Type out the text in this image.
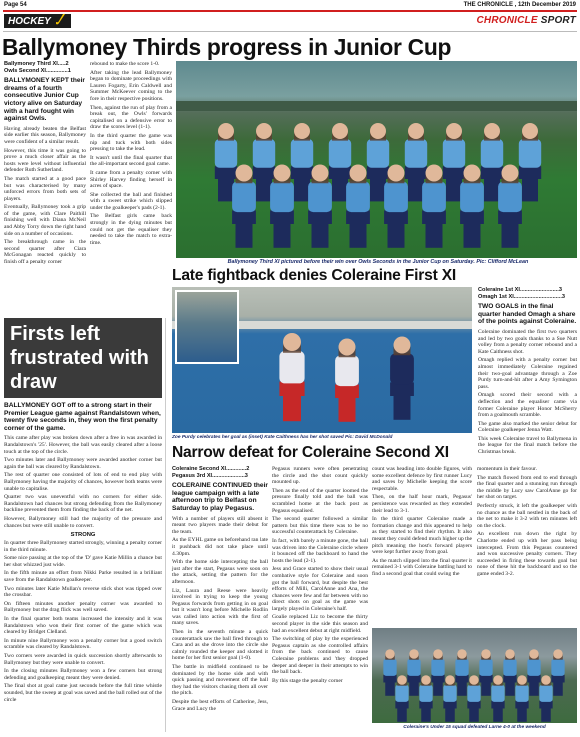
Page 54	THE CHRONICLE , 12th December 2019
HOCKEY	CHRONICLE SPORT
Ballymoney Thirds progress in Junior Cup
Ballymoney Third XI.....2
Owls Second XI..............1
BALLYMONEY KEPT their dreams of a fourth consecutive Junior Cup victory alive on Saturday with a hard fought win against Owls.

Having already beaten the Belfast side earlier this season, Ballymoney were confident of a similar result.

However, this time it was going to prove a much closer affair as the hosts were level without influential defender Ruth Sutherland.

The match started at a good pace but was characterised by many unforced errors from both sets of players.

Eventually, Ballymoney took a grip of the game, with Clare Paithill finishing well with Diana McNeil and Abby Torry down the right hand side on a number of occasions.

The breakthrough came in the second quarter after Ciara McGonagan reacted quickly to finish off a penalty corner

rebound to make the score 1-0.

After taking the lead Ballymoney began to dominate proceedings with Lauren Fogarty, Erin Caldwell and Summer McKeever coming to the fore in their respective positions.

Then, against the run of play from a break out, the Owls' forwards capitalised on a defensive error to draw the scores level (1-1).

In the third quarter the game was nip and tuck with both sides pressing to take the lead.

It wasn't until the final quarter that the all-important second goal came.

It came from a penalty corner with Shirley Harvey finding herself in acres of space.

She collected the ball and finished with a sweet strike which slipped under the goalkeeper's pads (2-1).

The Belfast girls came back strongly in the dying minutes but could not get the equaliser they needed to take the match to extra-time.

Ballymoney Third XI pictured before their win over Owls Seconds in the Junior Cup on Saturday. Pic: Clifford McLean
Firsts left frustrated with draw
BALLYMONEY GOT off to a strong start in their Premier League game against Randalstown when, twenty five seconds in, they won the first penalty corner of the game.

This came after play was broken down after a free in was awarded in Randalstown's '25'. However, the ball was easily cleared after a loose touch at the top of the circle.

Two minutes later and Ballymoney were awarded another corner but again the ball was cleared by Randalstown.

The rest of quarter one consisted of lots of end to end play with Ballymoney having the majority of chances, however both teams were unable to capitalise.

Quarter two was uneventful with no corners for either side. Randalstown had chances but strong defending from the Ballymoney backline prevented them from finding the back of the net.

However, Ballymoney still had the majority of the pressure and chances but were still unable to convert.

STRONG

In quarter three Ballymoney started strongly, winning a penalty corner in the third minute.

Some nice passing at the top of the 'D' gave Katie Millin a chance but her shot whizzed just wide.

In the fifth minute an effort from Nikki Parke resulted in a brilliant save from the Randalstown goalkeeper.

Two minutes later Katie Mullan's reverse stick shot was tipped over the crossbar.

On fifteen minutes another penalty corner was awarded to Ballymoney but the drag flick was well saved.

In the final quarter both teams increased the intensity and it was Randalstown who won their first corner of the game which was cleared by Bridget Clelland.

In minute nine Ballymoney won a penalty corner but a good switch scramble was cleared by Randalstown.

Two corners were awarded in quick succession shortly afterwards to Ballymoney but they were unable to convert.

In the closing minutes Ballymoney won a few corners but strong defending and goalkeeping meant they were denied.

The final shot at goal came just seconds before the full time whistle sounded, but the sweep at goal was saved and the ball rolled out of the circle

Late fightback denies Coleraine First XI
Zoe Purdy celebrates her goal as (inset) Kate Caithness has her shot saved Pic: David McDonald
Coleraine 1st XI.........................3
Omagh 1st XI...............................3
TWO GOALS in the final quarter handed Omagh a share of the points against Coleraine.

Coleraine dominated the first two quarters and led by two goals thanks to a Sue Nutt volley from a penalty corner rebound and a Kate Caithness shot.

Omagh replied with a penalty corner but almost immediately Coleraine regained their two-goal advantage through a Zoe Purdy turn-and-hit after a Amy Symington pass.

Omagh scored their second with a deflection and the equaliser came via former Coleraine player Honor McSherry from a goalmouth scramble.

The game also marked the senior debut for Coleraine goalkeeper Jenna Watt.

This week Coleraine travel to Ballymena in the league for the final match before the Christmas break.

Narrow defeat for Coleraine Second XI
Coleraine Second XI.............2
Pegasus 3rd XI.....................3
COLERAINE CONTINUED their league campaign with a late afternoon trip to Belfast on Saturday to play Pegasus.

With a number of players still absent it meant two players made their debut for the team.

As the EYHL game on beforehand ran late it pushback did not take place until 4.30pm.

With the home side intercepting the ball just after the start, Pegasus were soon on the attack, setting the pattern for the afternoon.

Liz, Laura and Reese were heavily involved in trying to keep the young Pegasus forwards from getting in on goal but it wasn't long before Michelle Rodlin was called into action with the first of many saves.

Then in the seventh minute a quick counterattack saw the ball fired through to Cara and as she drove into the circle she calmly rounded the keeper and slotted it home for her first senior goal (1-0).

The battle in midfield continued to be dominated by the home side and with quick passing and movement off the ball they had the visitors chasing them all over the pitch.

Despite the best efforts of Catherine, Jess, Grace and Lucy the

Pegasus runners were often penetrating the circle and the shot count quickly mounted up.

Then as the end of the quarter loomed the pressure finally told and the ball was scrambled home at the back post as Pegasus equalised.

The second quarter followed a similar pattern but this time there was to be no successful counterattack by Coleraine.

In fact, with barely a minute gone, the ball was driven into the Coleraine circle where it bounced off the backboard to hand the hosts the lead (2-1).

Jess and Grace started to show their usual combative style for Coleraine and soon got the ball forward, but despite the best efforts of Milli, CarolAnne and Ana, the chances were few and far between with no direct shots on goal as the game was largely played in Coleraine's half.

Goalie replaced Liz to become the thirty second player in the side this season and had an excellent debut at right midfield.

The switching of play by the experienced Pegasus captain as she controlled affairs from the back continued to cause Coleraine problems and 'they dropped deeper and deeper in their attempts to win the ball back.

By this stage the penalty corner

count was heading into double figures, with some excellent defence by first runner Lucy and saves by Michelle keeping the score respectable.

Then, on the half hour mark, Pegasus' persistence was rewarded as they extended their lead to 3-1.

In the third quarter Coleraine made a formation change and this appeared to help as they started to find their rhythm. It also meant they could defend much higher up the pitch meaning the host's forward players were kept further away from goal.

As the match slipped into the final quarter it remained 3-1 with Coleraine battling hard to find a second goal that could swing the

momentum in their favour.

The match flowed from end to end through the final quarter and a stunning run through the middle by Lucy saw CarolAnne go for her shot on target.

Perfectly struck, it left the goalkeeper with no chance as the ball nestled in the back of the net to make it 3-2 with ten minutes left on the clock.

An excellent run down the right by Charlotte ended up with her pass being intercepted. From this Pegasus countered and won successive penalty corners. They succeeded in firing these towards goal but none of these hit the backboard and so the game ended 3-2.

Coleraine's Under 15 squad defeated Larne 4-0 at the weekend
